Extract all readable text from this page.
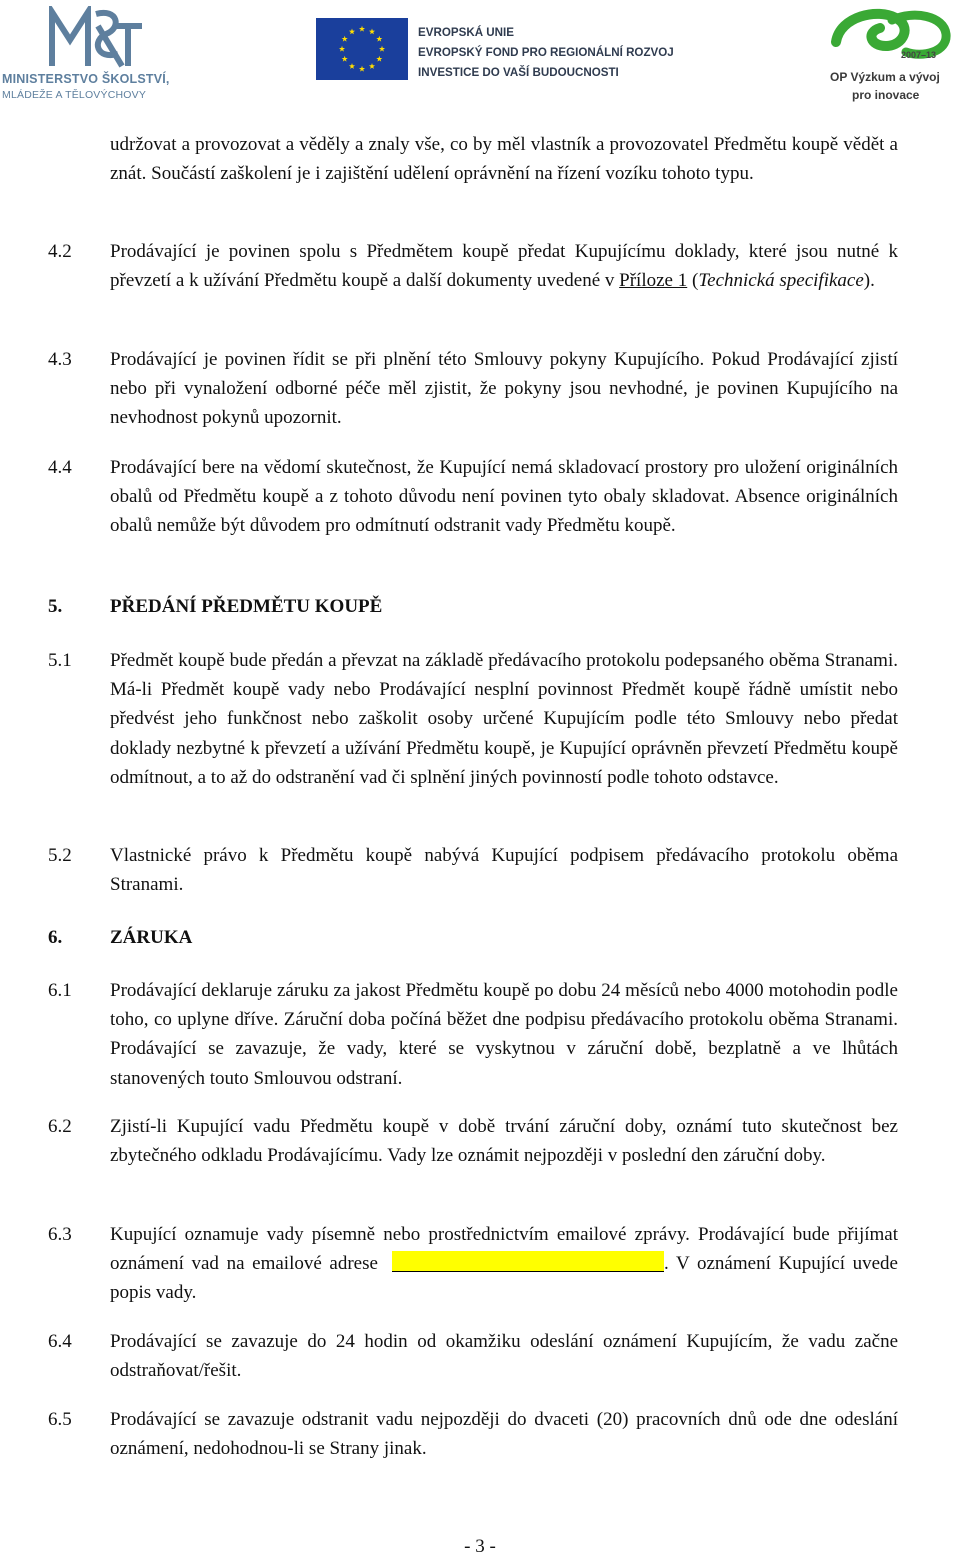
MINISTERSTVO ŠKOLSTVÍ,
MLÁDEŽE A TĚLOVÝCHOVY
EVROPSKÁ UNIE
EVROPSKÝ FOND PRO REGIONÁLNÍ ROZVOJ
INVESTICE DO VAŠÍ BUDOUCNOSTI
2007–13
OP Výzkum a vývoj
pro inovace
udržovat a provozovat a věděly a znaly vše, co by měl vlastník a provozovatel Předmětu koupě vědět a znát. Součástí zaškolení je i zajištění udělení oprávnění na řízení vozíku tohoto typu.
4.2 Prodávající je povinen spolu s Předmětem koupě předat Kupujícímu doklady, které jsou nutné k převzetí a k užívání Předmětu koupě a další dokumenty uvedené v Příloze 1 (Technická specifikace).
4.3 Prodávající je povinen řídit se při plnění této Smlouvy pokyny Kupujícího. Pokud Prodávající zjistí nebo při vynaložení odborné péče měl zjistit, že pokyny jsou nevhodné, je povinen Kupujícího na nevhodnost pokynů upozornit.
4.4 Prodávající bere na vědomí skutečnost, že Kupující nemá skladovací prostory pro uložení originálních obalů od Předmětu koupě a z tohoto důvodu není povinen tyto obaly skladovat. Absence originálních obalů nemůže být důvodem pro odmítnutí odstranit vady Předmětu koupě.
5.	PŘEDÁNÍ PŘEDMĚTU KOUPĚ
5.1 Předmět koupě bude předán a převzat na základě předávacího protokolu podepsaného oběma Stranami. Má-li Předmět koupě vady nebo Prodávající nesplní povinnost Předmět koupě řádně umístit nebo předvést jeho funkčnost nebo zaškolit osoby určené Kupujícím podle této Smlouvy nebo předat doklady nezbytné k převzetí a užívání Předmětu koupě, je Kupující oprávněn převzetí Předmětu koupě odmítnout, a to až do odstranění vad či splnění jiných povinností podle tohoto odstavce.
5.2 Vlastnické právo k Předmětu koupě nabývá Kupující podpisem předávacího protokolu oběma Stranami.
6.	ZÁRUKA
6.1 Prodávající deklaruje záruku za jakost Předmětu koupě po dobu 24 měsíců nebo 4000 motohodin podle toho, co uplyne dříve. Záruční doba počíná běžet dne podpisu předávacího protokolu oběma Stranami. Prodávající se zavazuje, že vady, které se vyskytnou v záruční době, bezplatně a ve lhůtách stanovených touto Smlouvou odstraní.
6.2 Zjistí-li Kupující vadu Předmětu koupě v době trvání záruční doby, oznámí tuto skutečnost bez zbytečného odkladu Prodávajícímu. Vady lze oznámit nejpozději v poslední den záruční doby.
6.3 Kupující oznamuje vady písemně nebo prostřednictvím emailové zprávy. Prodávající bude přijímat oznámení vad na emailové adrese	. V oznámení Kupující uvede popis vady.
6.4 Prodávající se zavazuje do 24 hodin od okamžiku odeslání oznámení Kupujícím, že vadu začne odstraňovat/řešit.
6.5 Prodávající se zavazuje odstranit vadu nejpozději do dvaceti (20) pracovních dnů ode dne odeslání oznámení, nedohodnou-li se Strany jinak.
- 3 -
